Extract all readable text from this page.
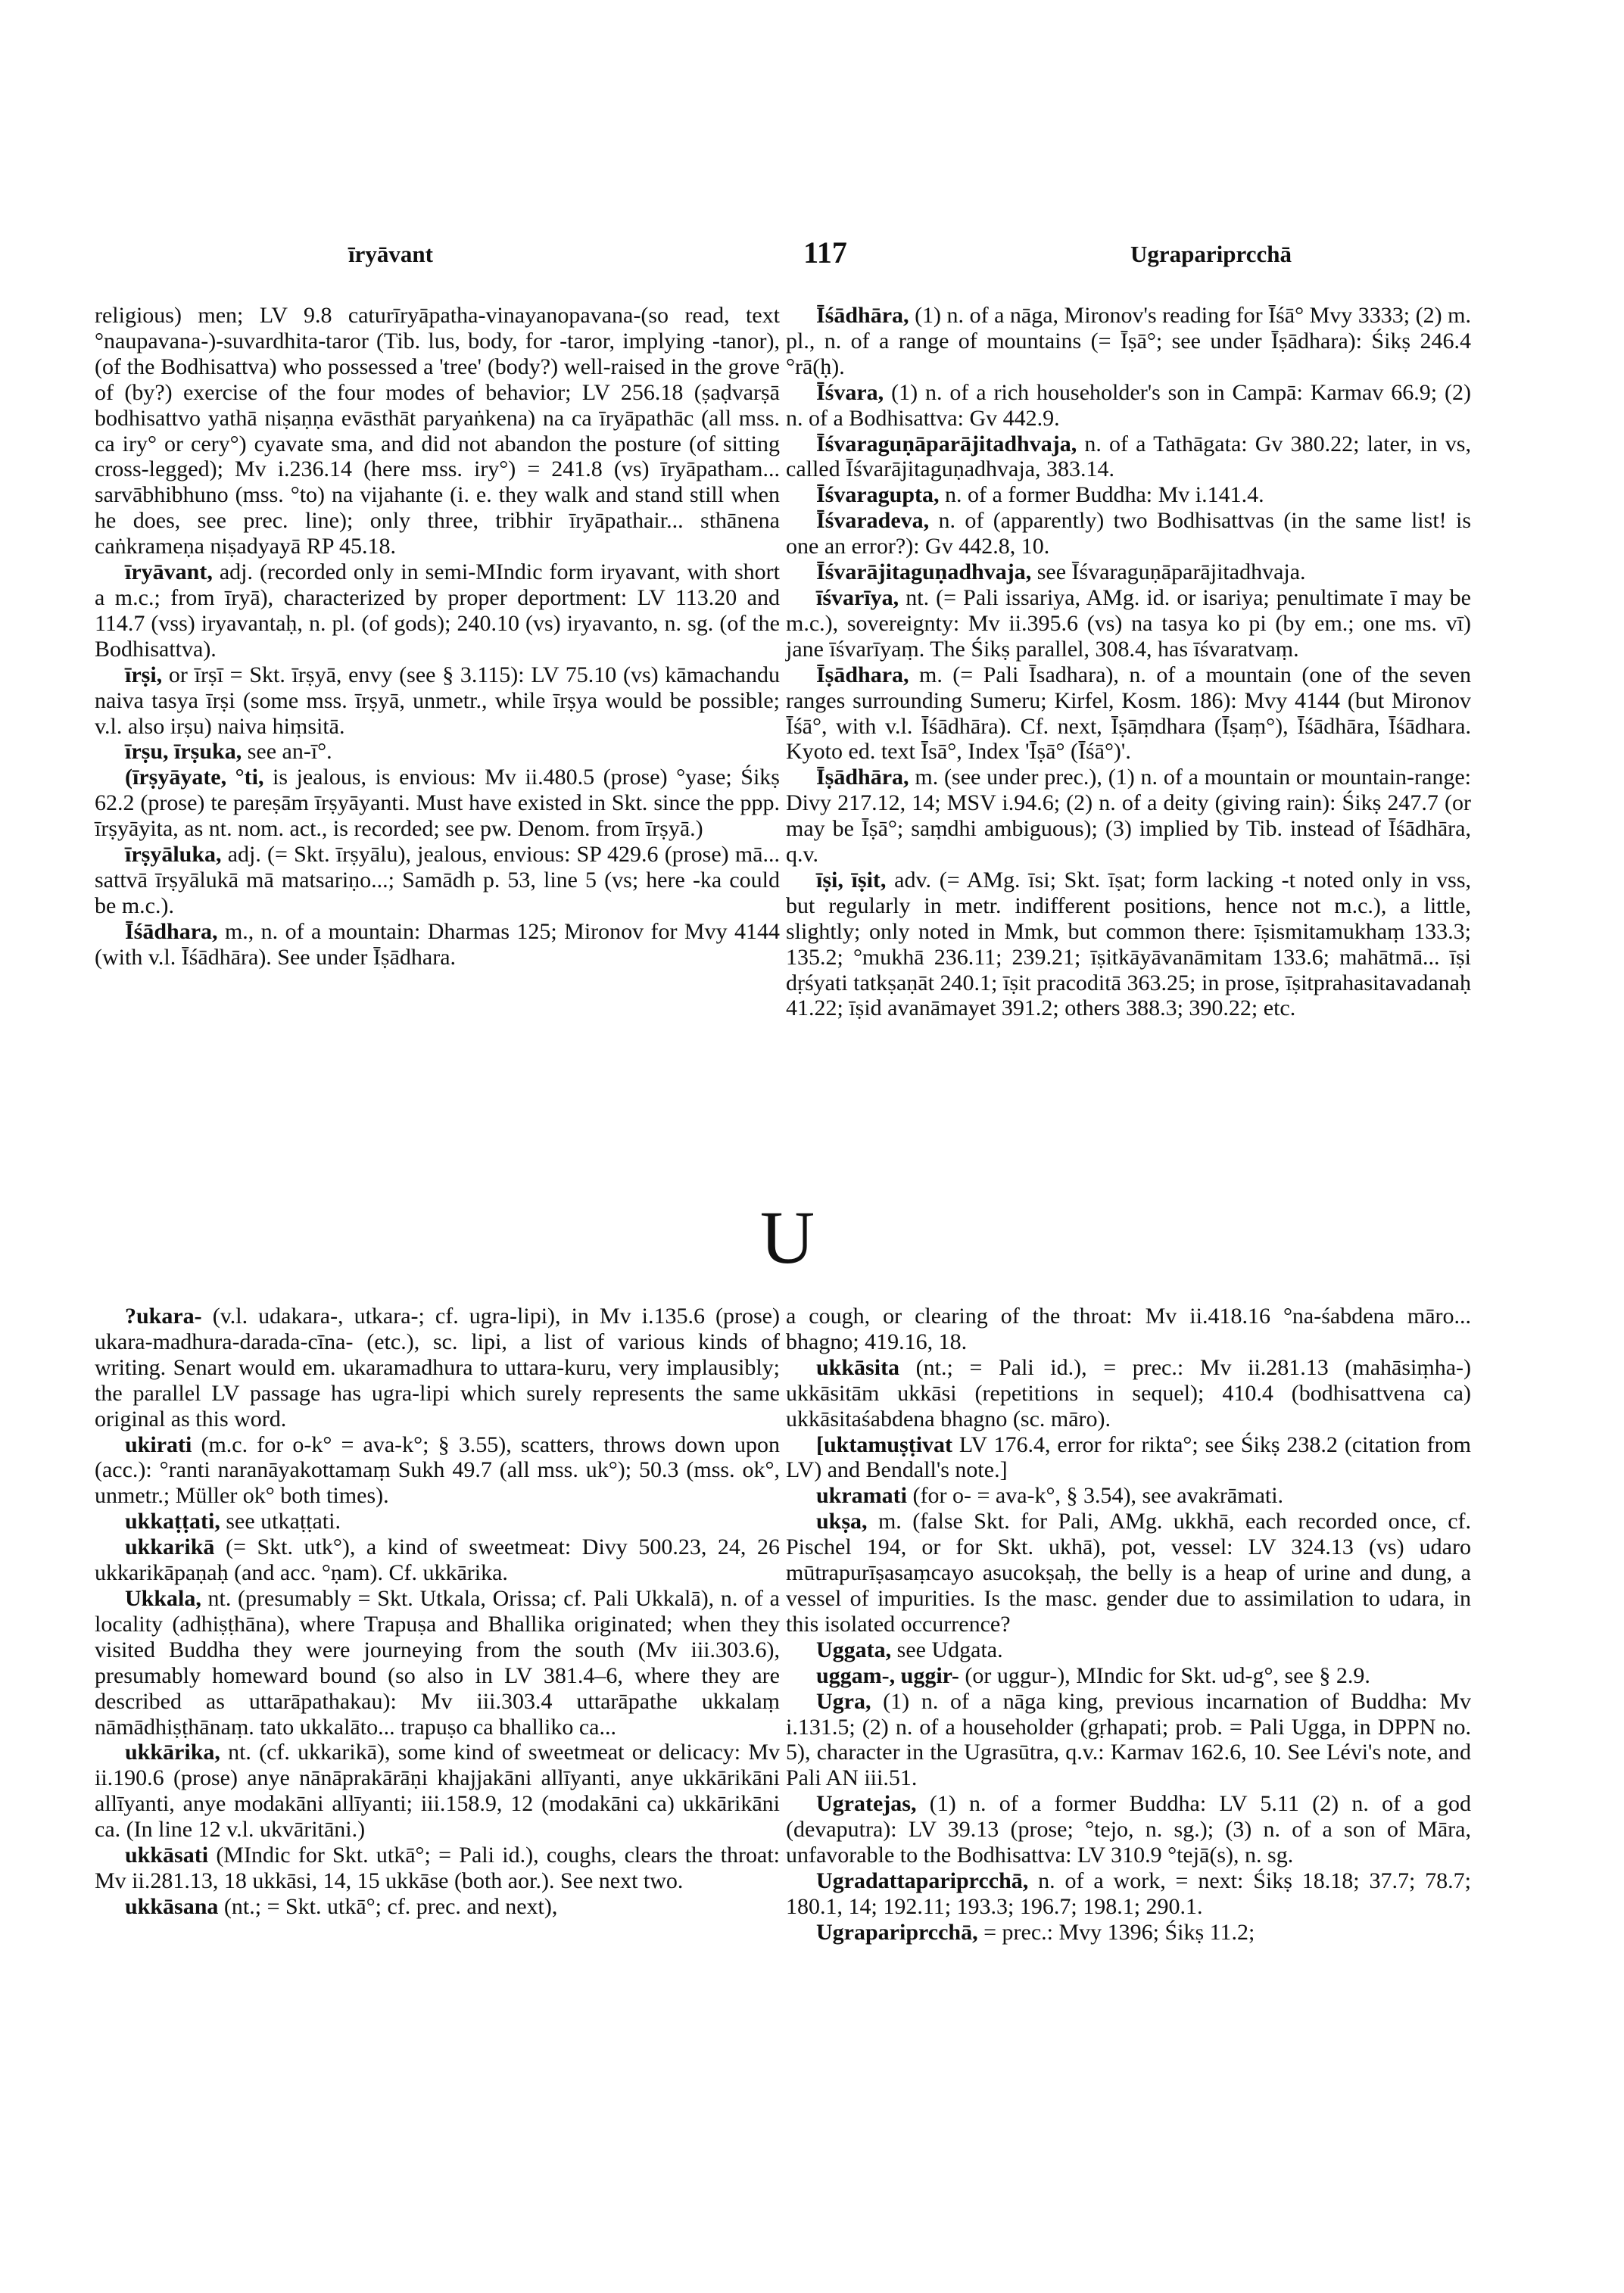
īryāvant	117	Ugrapariprcchā

religious) men; LV 9.8 caturīryāpatha-vinayanopavana-(so read, text °naupavana-)-suvardhita-taror (Tib. lus, body, for -taror, implying -tanor), (of the Bodhisattva) who possessed a 'tree' (body?) well-raised in the grove of (by?) exercise of the four modes of behavior; LV 256.18 (ṣaḍvarṣā bodhisattvo yathā niṣaṇṇa evāsthāt paryaṅkena) na ca īryāpathāc (all mss. ca iry° or cery°) cyavate sma, and did not abandon the posture (of sitting cross-legged); Mv i.236.14 (here mss. iry°) = 241.8 (vs) īryāpatham... sarvābhibhuno (mss. °to) na vijahante (i. e. they walk and stand still when he does, see prec. line); only three, tribhir īryāpathair... sthānena caṅkrameṇa niṣadyayā RP 45.18.

īryāvant, adj. (recorded only in semi-MIndic form iryavant, with short a m.c.; from īryā), characterized by proper deportment: LV 113.20 and 114.7 (vss) iryavantaḥ, n. pl. (of gods); 240.10 (vs) iryavanto, n. sg. (of the Bodhisattva).

īrṣi, or īrṣī = Skt. īrṣyā, envy (see § 3.115): LV 75.10 (vs) kāmachandu naiva tasya īrṣi (some mss. īrṣyā, unmetr., while īrṣya would be possible; v.l. also irṣu) naiva hiṃsitā.

īrṣu, īrṣuka, see an-ī°.

(īrṣyāyate, °ti, is jealous, is envious: Mv ii.480.5 (prose) °yase; Śikṣ 62.2 (prose) te pareṣām īrṣyāyanti. Must have existed in Skt. since the ppp. īrṣyāyita, as nt. nom. act., is recorded; see pw. Denom. from īrṣyā.)

īrṣyāluka, adj. (= Skt. īrṣyālu), jealous, envious: SP 429.6 (prose) mā... sattvā īrṣyālukā mā matsariṇo...; Samādh p. 53, line 5 (vs; here -ka could be m.c.).

Īśādhara, m., n. of a mountain: Dharmas 125; Mironov for Mvy 4144 (with v.l. Īśādhāra). See under Īṣādhara.

Īśādhāra, (1) n. of a nāga, Mironov's reading for Īśā° Mvy 3333; (2) m. pl., n. of a range of mountains (= Īṣā°; see under Īṣādhara): Śikṣ 246.4 °rā(ḥ).

Īśvara, (1) n. of a rich householder's son in Campā: Karmav 66.9; (2) n. of a Bodhisattva: Gv 442.9.

Īśvaraguṇāparājitadhvaja, n. of a Tathāgata: Gv 380.22; later, in vs, called Īśvarājitaguṇadhvaja, 383.14.

Īśvaragupta, n. of a former Buddha: Mv i.141.4.

Īśvaradeva, n. of (apparently) two Bodhisattvas (in the same list! is one an error?): Gv 442.8, 10.

Īśvarājitaguṇadhvaja, see Īśvaraguṇāparājitadhvaja.

īśvarīya, nt. (= Pali issariya, AMg. id. or isariya; penultimate ī may be m.c.), sovereignty: Mv ii.395.6 (vs) na tasya ko pi (by em.; one ms. vī) jane īśvarīyaṃ. The Śikṣ parallel, 308.4, has īśvaratvaṃ.

Īṣādhara, m. (= Pali Īsadhara), n. of a mountain (one of the seven ranges surrounding Sumeru; Kirfel, Kosm. 186): Mvy 4144 (but Mironov Īśā°, with v.l. Īśādhāra). Cf. next, Īṣāṃdhara (Īṣaṃ°), Īśādhāra, Īśādhara. Kyoto ed. text Īsā°, Index 'Īṣā° (Īśā°)'.

Īṣādhāra, m. (see under prec.), (1) n. of a mountain or mountain-range: Divy 217.12, 14; MSV i.94.6; (2) n. of a deity (giving rain): Śikṣ 247.7 (or may be Īṣā°; saṃdhi ambiguous); (3) implied by Tib. instead of Īśādhāra, q.v.

īṣi, īṣit, adv. (= AMg. īsi; Skt. īṣat; form lacking -t noted only in vss, but regularly in metr. indifferent positions, hence not m.c.), a little, slightly; only noted in Mmk, but common there: īṣismitamukhaṃ 133.3; 135.2; °mukhā 236.11; 239.21; īṣitkāyāvanāmitam 133.6; mahātmā... īṣi dṛśyati tatkṣaṇāt 240.1; īṣit pracoditā 363.25; in prose, īṣitprahasitavadanaḥ 41.22; īṣid avanāmayet 391.2; others 388.3; 390.22; etc.

U

?ukara- (v.l. udakara-, utkara-; cf. ugra-lipi), in Mv i.135.6 (prose) ukara-madhura-darada-cīna- (etc.), sc. lipi, a list of various kinds of writing. Senart would em. ukaramadhura to uttara-kuru, very implausibly; the parallel LV passage has ugra-lipi which surely represents the same original as this word.

ukirati (m.c. for o-k° = ava-k°; § 3.55), scatters, throws down upon (acc.): °ranti naranāyakottamaṃ Sukh 49.7 (all mss. uk°); 50.3 (mss. ok°, unmetr.; Müller ok° both times).

ukkaṭṭati, see utkaṭṭati.

ukkarikā (= Skt. utk°), a kind of sweetmeat: Divy 500.23, 24, 26 ukkarikāpaṇaḥ (and acc. °ṇam). Cf. ukkārika.

Ukkala, nt. (presumably = Skt. Utkala, Orissa; cf. Pali Ukkalā), n. of a locality (adhiṣṭhāna), where Trapuṣa and Bhallika originated; when they visited Buddha they were journeying from the south (Mv iii.303.6), presumably homeward bound (so also in LV 381.4–6, where they are described as uttarāpathakau): Mv iii.303.4 uttarāpathe ukkalaṃ nāmādhiṣṭhānaṃ. tato ukkalāto... trapuṣo ca bhalliko ca...

ukkārika, nt. (cf. ukkarikā), some kind of sweetmeat or delicacy: Mv ii.190.6 (prose) anye nānāprakārāṇi khajjakāni allīyanti, anye ukkārikāni allīyanti, anye modakāni allīyanti; iii.158.9, 12 (modakāni ca) ukkārikāni ca. (In line 12 v.l. ukvāritāni.)

ukkāsati (MIndic for Skt. utkā°; = Pali id.), coughs, clears the throat: Mv ii.281.13, 18 ukkāsi, 14, 15 ukkāse (both aor.). See next two.

ukkāsana (nt.; = Skt. utkā°; cf. prec. and next),

a cough, or clearing of the throat: Mv ii.418.16 °na-śabdena māro... bhagno; 419.16, 18.

ukkāsita (nt.; = Pali id.), = prec.: Mv ii.281.13 (mahāsiṃha-) ukkāsitām ukkāsi (repetitions in sequel); 410.4 (bodhisattvena ca) ukkāsitaśabdena bhagno (sc. māro).

[uktamuṣṭivat LV 176.4, error for rikta°; see Śikṣ 238.2 (citation from LV) and Bendall's note.]

ukramati (for o- = ava-k°, § 3.54), see avakrāmati.

ukṣa, m. (false Skt. for Pali, AMg. ukkhā, each recorded once, cf. Pischel 194, or for Skt. ukhā), pot, vessel: LV 324.13 (vs) udaro mūtrapurīṣasaṃcayo asucokṣaḥ, the belly is a heap of urine and dung, a vessel of impurities. Is the masc. gender due to assimilation to udara, in this isolated occurrence?

Uggata, see Udgata.

uggam-, uggir- (or uggur-), MIndic for Skt. ud-g°, see § 2.9.

Ugra, (1) n. of a nāga king, previous incarnation of Buddha: Mv i.131.5; (2) n. of a householder (gṛhapati; prob. = Pali Ugga, in DPPN no. 5), character in the Ugrasūtra, q.v.: Karmav 162.6, 10. See Lévi's note, and Pali AN iii.51.

Ugratejas, (1) n. of a former Buddha: LV 5.11 (2) n. of a god (devaputra): LV 39.13 (prose; °tejo, n. sg.); (3) n. of a son of Māra, unfavorable to the Bodhisattva: LV 310.9 °tejā(s), n. sg.

Ugradattapariprcchā, n. of a work, = next: Śikṣ 18.18; 37.7; 78.7; 180.1, 14; 192.11; 193.3; 196.7; 198.1; 290.1.

Ugrapariprcchā, = prec.: Mvy 1396; Śikṣ 11.2;
